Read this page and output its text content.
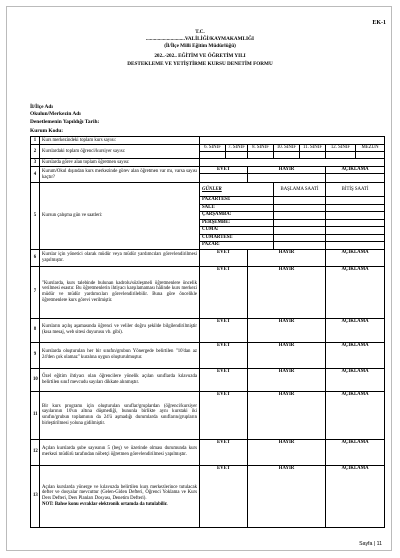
EK-1
T.C.
..............................VALİLİĞİ/KAYMAKAMLIĞI
(İl/İlçe Milli Eğitim Müdürlüğü)
202..-202.. EĞİTİM VE ÖĞRETİM YILI
DESTEKLEME VE YETİŞTİRME KURSU DENETİM FORMU
İl/İlçe Adı
Okulun/Merkezin Adı
Denetlemenin Yapıldığı Tarih:
Kurum Kodu:
1	Kurs merkezindeki toplam kurs sayısı:							
2	Kurslardaki toplam öğrenci/kursiyer sayısı:	6. SINIF	7. SINIF	8. SINIF	10. SINIF	11. SINIF	12. SINIF	MEZUN

3	Kurslarda görev alan toplam öğretmen sayısı:							
4	Kurum/Okul dışından kurs merkezinde görev alan öğretmen var mı, varsa sayısı kaçtır?	EVET		HAYIR			AÇIKLAMA	

5	Kursun çalışma gün ve saatleri:	GÜNLER			BAŞLAMA SAATİ		BİTİŞ SAATİ	
		PAZARTESİ:						
		SALI:						
		ÇARŞAMBA:						
		PERŞEMBE:						
		CUMA:						
		CUMARTESİ:						
		PAZAR:						
6	Kurslar için yönetici olarak müdür veya müdür yardımcıları görevlendirilmesi yapılmıştır.	EVET		HAYIR			AÇIKLAMA	
7	"Kurslarda, kurs talebinde bulunan kadrolu/sözleşmeli öğretmenlere öncelik verilmesi esastır. Bu öğretmenlerin ihtiyacı karşılamaması hâlinde kurs merkezi müdür ve müdür yardımcıları görevlendirilebilir. Buna göre öncelikle öğretmenlere kurs görevi verilmiştir.	EVET		HAYIR			AÇIKLAMA	
8	Kursların açılış aşamasında öğrenci ve veliler doğru şekilde bilgilendirilmiştir (kısa mesaj, web sitesi duyurusu vb. gibi).	EVET		HAYIR			AÇIKLAMA	
9	Kurslarda oluşturulan her bir sınıfın/grubun Yönergede belirtilen "10'dan az 24'den çok olamaz" kuralına uygun oluşturulmuştur.	EVET		HAYIR			AÇIKLAMA	
10	Özel eğitim ihtiyacı olan öğrencilere yönelik açılan sınıflarda kılavuzda belirtilen sınıf mevcudu sayıları dikkate alınmıştır.	EVET		HAYIR			AÇIKLAMA	
11	Bir kurs programı için oluşturulan sınıflar/gruplardan (öğrenci/kursiyer sayılarının 10'un altına düşmediği, bununla birlikte aynı kurstaki iki sınıfın/grubun toplamının da 24'ü aşmadığı durumlarda sınıfların/grupların birleştirilmesi yoluna gidilmiştir.	EVET		HAYIR			AÇIKLAMA	
12	Açılan kurslarda şube sayısının 5 (beş) ve üzerinde olması durumunda kurs merkezi müdürü tarafından nöbetçi öğretmen görevlendirilmesi yapılmıştır.	EVET		HAYIR			AÇIKLAMA	
13	Açılan kurslarda yönerge ve kılavuzda belirtilen kurs merkezlerince tutulacak defter ve dosyalar mevcuttur (Gelen-Giden Defteri, Öğrenci Yoklama ve Kurs Ders Defteri, Ders Planları Dosyası, Denetim Defteri).
NOT: Bahse konu evraklar elektronik ortamda da tutulabilir.	EVET		HAYIR			AÇIKLAMA	
Sayfa | 11
